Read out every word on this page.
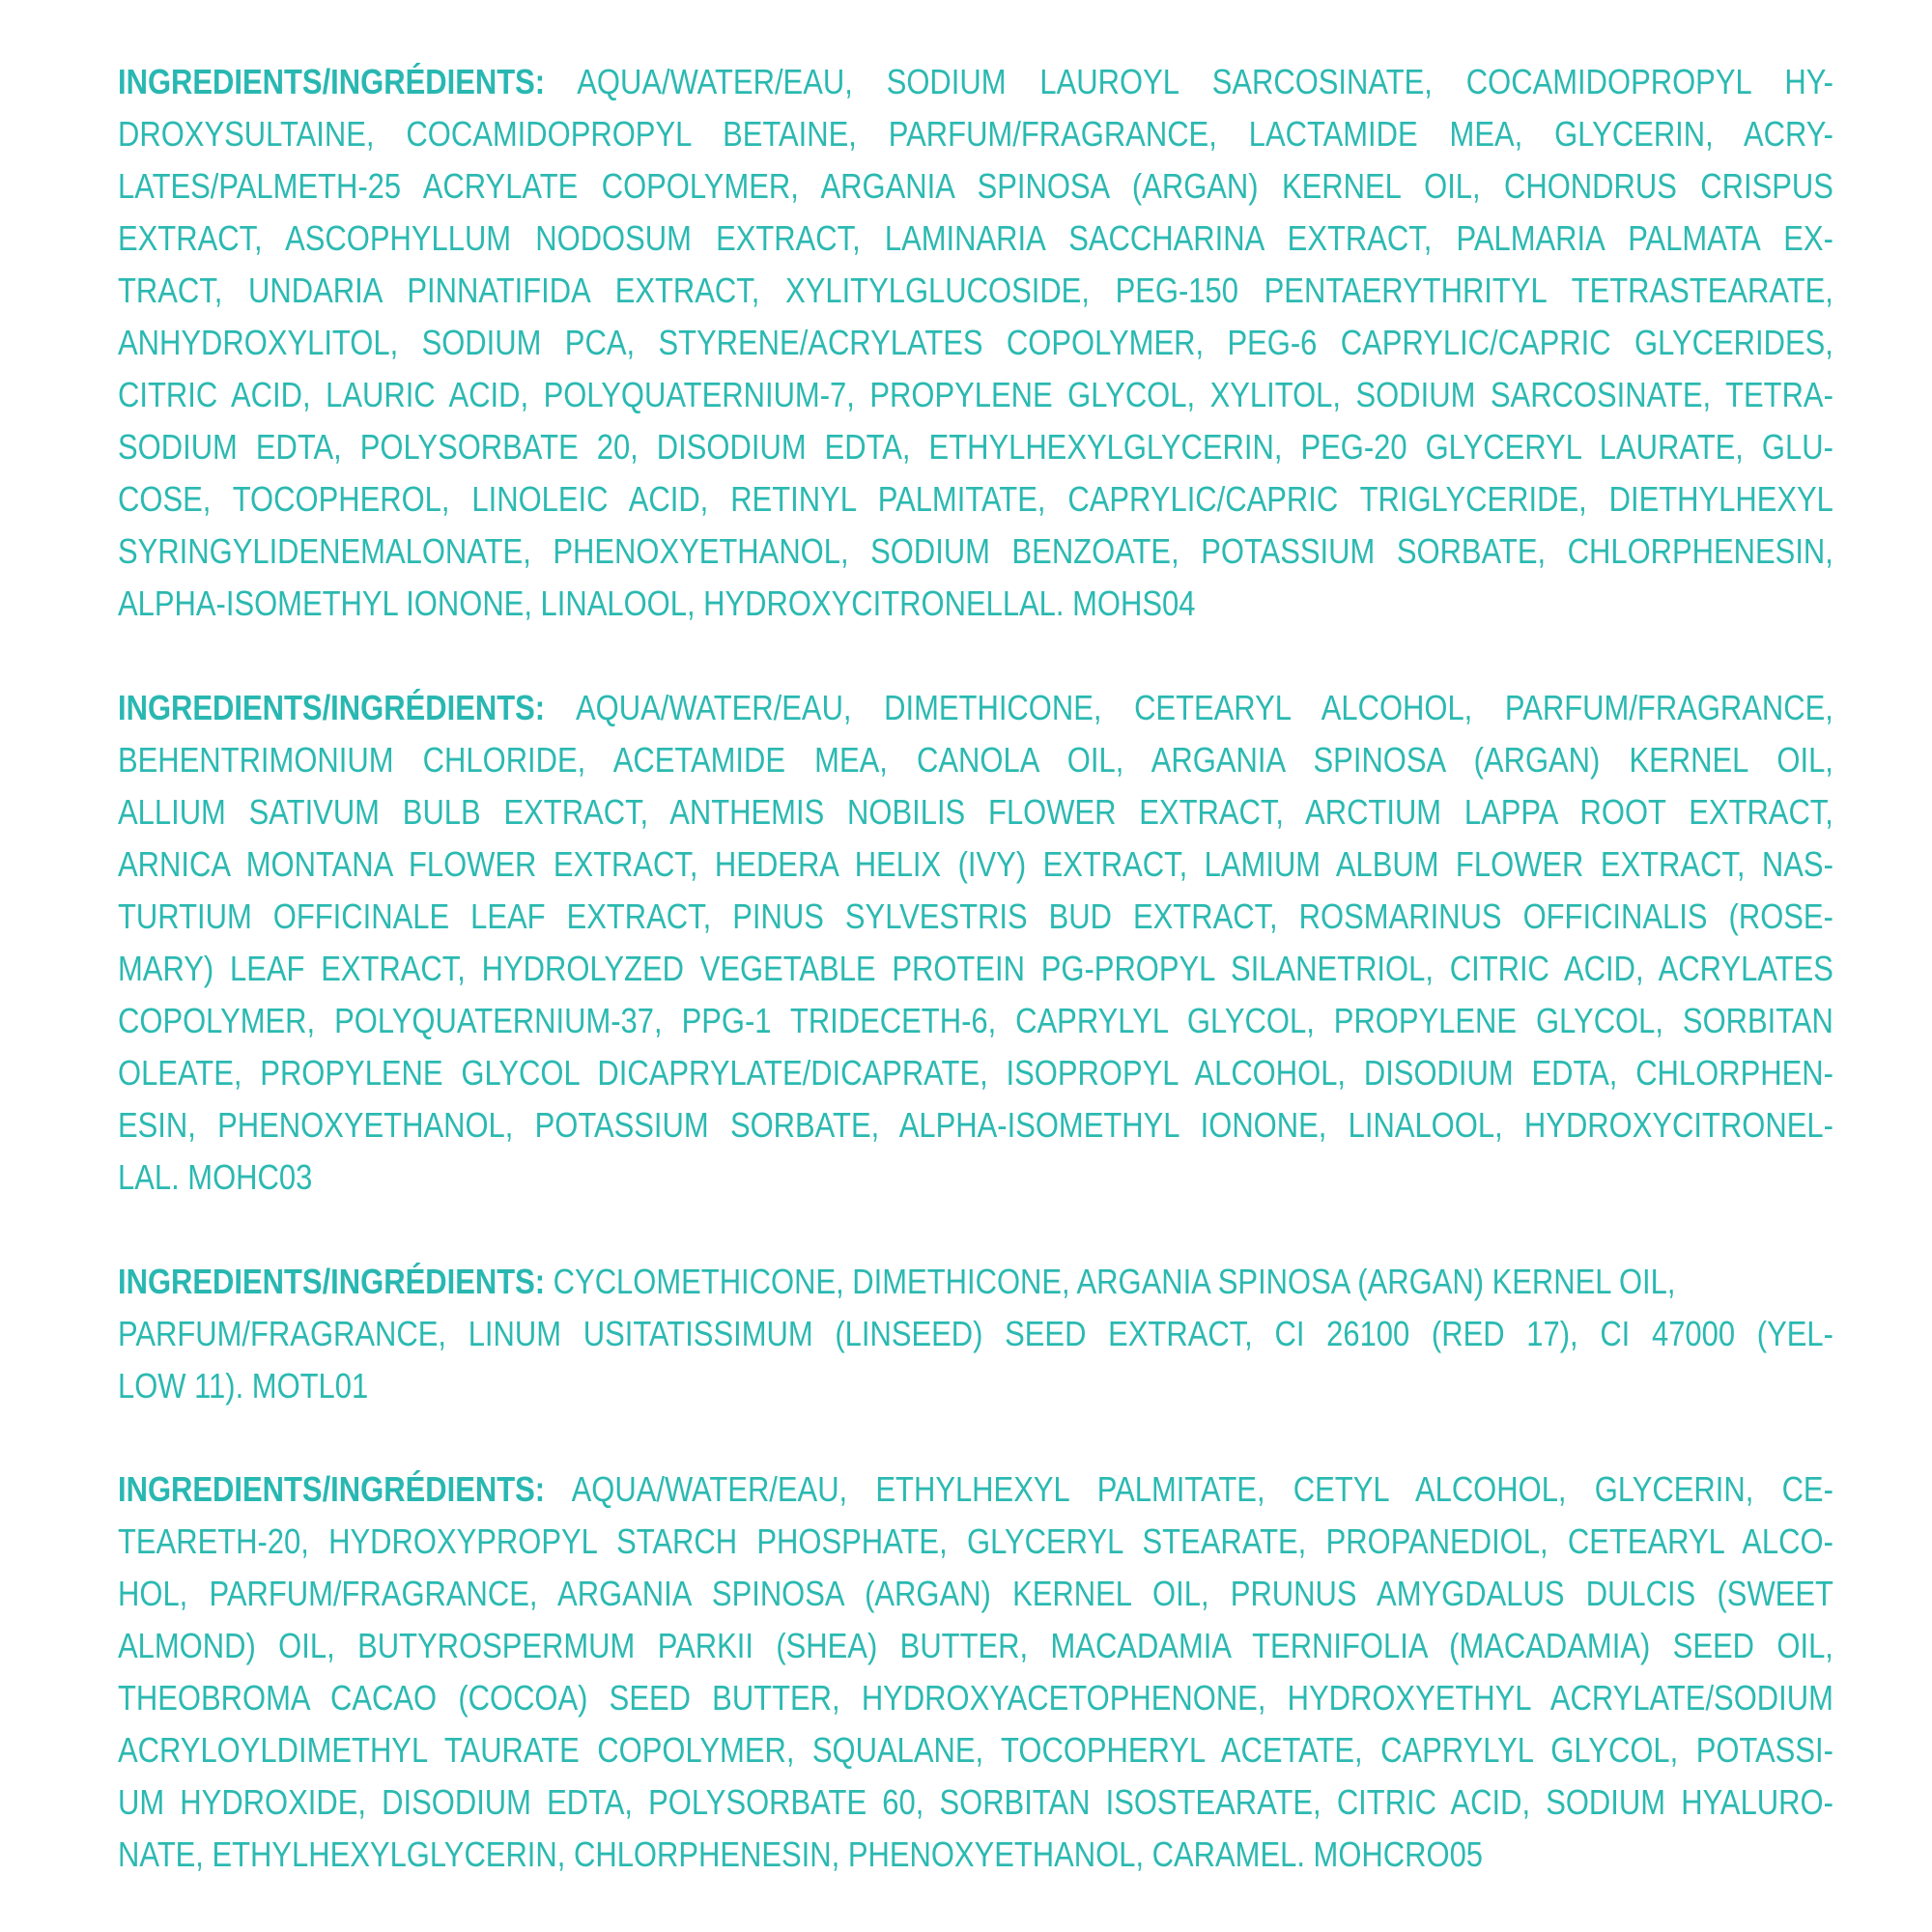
INGREDIENTS/INGRÉDIENTS: AQUA/WATER/EAU, SODIUM LAUROYL SARCOSINATE, COCAMIDOPROPYL HY-
DROXYSULTAINE, COCAMIDOPROPYL BETAINE, PARFUM/FRAGRANCE, LACTAMIDE MEA, GLYCERIN, ACRY-
LATES/PALMETH-25 ACRYLATE COPOLYMER, ARGANIA SPINOSA (ARGAN) KERNEL OIL, CHONDRUS CRISPUS
EXTRACT, ASCOPHYLLUM NODOSUM EXTRACT, LAMINARIA SACCHARINA EXTRACT, PALMARIA PALMATA EX-
TRACT, UNDARIA PINNATIFIDA EXTRACT, XYLITYLGLUCOSIDE, PEG-150 PENTAERYTHRITYL TETRASTEARATE,
ANHYDROXYLITOL, SODIUM PCA, STYRENE/ACRYLATES COPOLYMER, PEG-6 CAPRYLIC/CAPRIC GLYCERIDES,
CITRIC ACID, LAURIC ACID, POLYQUATERNIUM-7, PROPYLENE GLYCOL, XYLITOL, SODIUM SARCOSINATE, TETRA-
SODIUM EDTA, POLYSORBATE 20, DISODIUM EDTA, ETHYLHEXYLGLYCERIN, PEG-20 GLYCERYL LAURATE, GLU-
COSE, TOCOPHEROL, LINOLEIC ACID, RETINYL PALMITATE, CAPRYLIC/CAPRIC TRIGLYCERIDE, DIETHYLHEXYL
SYRINGYLIDENEMALONATE, PHENOXYETHANOL, SODIUM BENZOATE, POTASSIUM SORBATE, CHLORPHENESIN,
ALPHA-ISOMETHYL IONONE, LINALOOL, HYDROXYCITRONELLAL. MOHS04
INGREDIENTS/INGRÉDIENTS: AQUA/WATER/EAU, DIMETHICONE, CETEARYL ALCOHOL, PARFUM/FRAGRANCE,
BEHENTRIMONIUM CHLORIDE, ACETAMIDE MEA, CANOLA OIL, ARGANIA SPINOSA (ARGAN) KERNEL OIL,
ALLIUM SATIVUM BULB EXTRACT, ANTHEMIS NOBILIS FLOWER EXTRACT, ARCTIUM LAPPA ROOT EXTRACT,
ARNICA MONTANA FLOWER EXTRACT, HEDERA HELIX (IVY) EXTRACT, LAMIUM ALBUM FLOWER EXTRACT, NAS-
TURTIUM OFFICINALE LEAF EXTRACT, PINUS SYLVESTRIS BUD EXTRACT, ROSMARINUS OFFICINALIS (ROSE-
MARY) LEAF EXTRACT, HYDROLYZED VEGETABLE PROTEIN PG-PROPYL SILANETRIOL, CITRIC ACID, ACRYLATES
COPOLYMER, POLYQUATERNIUM-37, PPG-1 TRIDECETH-6, CAPRYLYL GLYCOL, PROPYLENE GLYCOL, SORBITAN
OLEATE, PROPYLENE GLYCOL DICAPRYLATE/DICAPRATE, ISOPROPYL ALCOHOL, DISODIUM EDTA, CHLORPHEN-
ESIN, PHENOXYETHANOL, POTASSIUM SORBATE, ALPHA-ISOMETHYL IONONE, LINALOOL, HYDROXYCITRONEL-
LAL. MOHC03
INGREDIENTS/INGRÉDIENTS: CYCLOMETHICONE, DIMETHICONE, ARGANIA SPINOSA (ARGAN) KERNEL OIL,
PARFUM/FRAGRANCE, LINUM USITATISSIMUM (LINSEED) SEED EXTRACT, CI 26100 (RED 17), CI 47000 (YEL-
LOW 11). MOTL01
INGREDIENTS/INGRÉDIENTS: AQUA/WATER/EAU, ETHYLHEXYL PALMITATE, CETYL ALCOHOL, GLYCERIN, CE-
TEARETH-20, HYDROXYPROPYL STARCH PHOSPHATE, GLYCERYL STEARATE, PROPANEDIOL, CETEARYL ALCO-
HOL, PARFUM/FRAGRANCE, ARGANIA SPINOSA (ARGAN) KERNEL OIL, PRUNUS AMYGDALUS DULCIS (SWEET
ALMOND) OIL, BUTYROSPERMUM PARKII (SHEA) BUTTER, MACADAMIA TERNIFOLIA (MACADAMIA) SEED OIL,
THEOBROMA CACAO (COCOA) SEED BUTTER, HYDROXYACETOPHENONE, HYDROXYETHYL ACRYLATE/SODIUM
ACRYLOYLDIMETHYL TAURATE COPOLYMER, SQUALANE, TOCOPHERYL ACETATE, CAPRYLYL GLYCOL, POTASSI-
UM HYDROXIDE, DISODIUM EDTA, POLYSORBATE 60, SORBITAN ISOSTEARATE, CITRIC ACID, SODIUM HYALURO-
NATE, ETHYLHEXYLGLYCERIN, CHLORPHENESIN, PHENOXYETHANOL, CARAMEL. MOHCRO05
